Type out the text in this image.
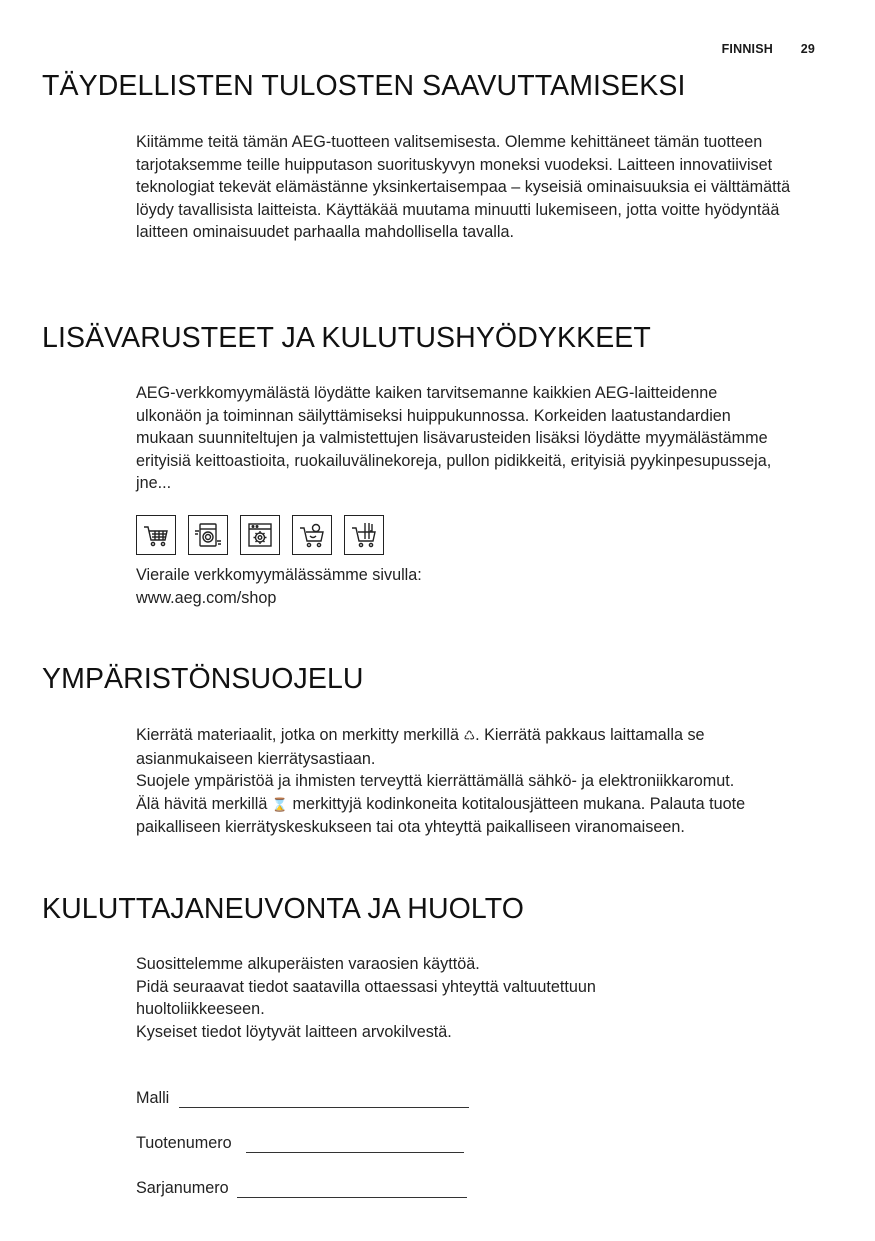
FINNISH 29
TÄYDELLISTEN TULOSTEN SAAVUTTAMISEKSI

Kiitämme teitä tämän AEG-tuotteen valitsemisesta. Olemme kehittäneet tämän tuotteen tarjotaksemme teille huipputason suorituskyvyn moneksi vuodeksi. Laitteen innovatiiviset teknologiat tekevät elämästänne yksinkertaisempaa – kyseisiä ominaisuuksia ei välttämättä löydy tavallisista laitteista. Käyttäkää muutama minuutti lukemiseen, jotta voitte hyödyntää laitteen ominaisuudet parhaalla mahdollisella tavalla.

LISÄVARUSTEET JA KULUTUSHYÖDYKKEET

AEG-verkkomyymälästä löydätte kaiken tarvitsemanne kaikkien AEG-laitteidenne ulkonäön ja toiminnan säilyttämiseksi huippukunnossa. Korkeiden laatustandardien mukaan suunniteltujen ja valmistettujen lisävarusteiden lisäksi löydätte myymälästämme erityisiä keittoastioita, ruokailuvälinekoreja, pullon pidikkeitä, erityisiä pyykinpesupusseja, jne...

Vieraile verkkomyymälässämme sivulla:

www.aeg.com/shop

YMPÄRISTÖNSUOJELU

Kierrätä materiaalit, jotka on merkitty merkillä ♺. Kierrätä pakkaus laittamalla se asianmukaiseen kierrätysastiaan.

Suojele ympäristöä ja ihmisten terveyttä kierrättämällä sähkö- ja elektroniikkaromut.

Älä hävitä merkillä ⌛ merkittyjä kodinkoneita kotitalousjätteen mukana. Palauta tuote paikalliseen kierrätyskeskukseen tai ota yhteyttä paikalliseen viranomaiseen.

KULUTTAJANEUVONTA JA HUOLTO

Suosittelemme alkuperäisten varaosien käyttöä.

Pidä seuraavat tiedot saatavilla ottaessasi yhteyttä valtuutettuun huoltoliikkeeseen.

Kyseiset tiedot löytyvät laitteen arvokilvestä.

Malli
Tuotenumero
Sarjanumero
